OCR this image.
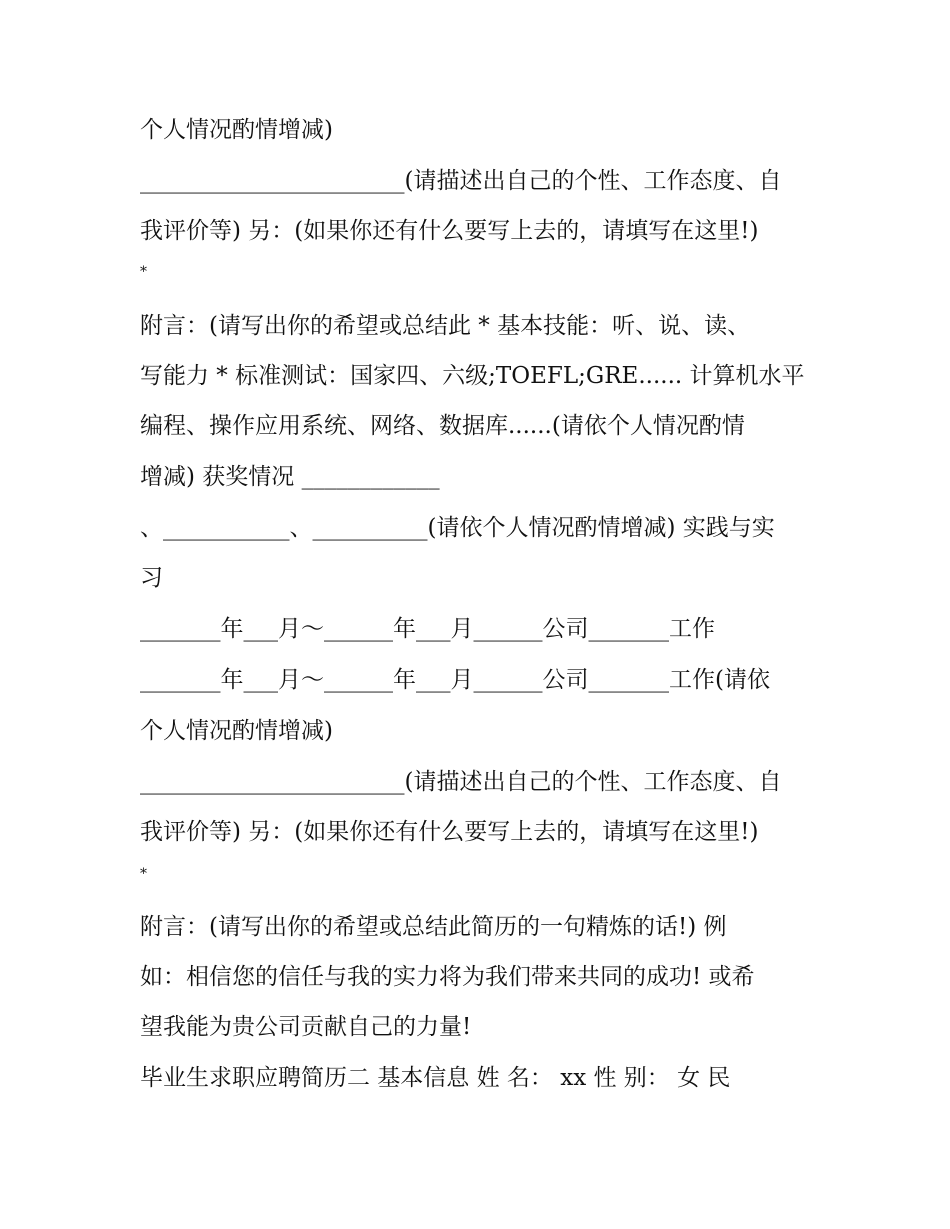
个人情况酌情增减)
_______________________(请描述出自己的个性、工作态度、自
我评价等) 另：(如果你还有什么要写上去的，请填写在这里!)
*
附言：(请写出你的希望或总结此 * 基本技能：听、说、读、
写能力 * 标准测试：国家四、六级;TOEFL;GRE...... 计算机水平
编程、操作应用系统、网络、数据库......(请依个人情况酌情
增减) 获奖情况 ____________
、___________、__________(请依个人情况酌情增减) 实践与实
习
_______年___月～______年___月______公司_______工作
_______年___月～______年___月______公司_______工作(请依
个人情况酌情增减)
_______________________(请描述出自己的个性、工作态度、自
我评价等) 另：(如果你还有什么要写上去的，请填写在这里!)
*
附言：(请写出你的希望或总结此简历的一句精炼的话!) 例
如：相信您的信任与我的实力将为我们带来共同的成功! 或希
望我能为贵公司贡献自己的力量!
毕业生求职应聘简历二 基本信息 姓 名： xx 性 别： 女 民
